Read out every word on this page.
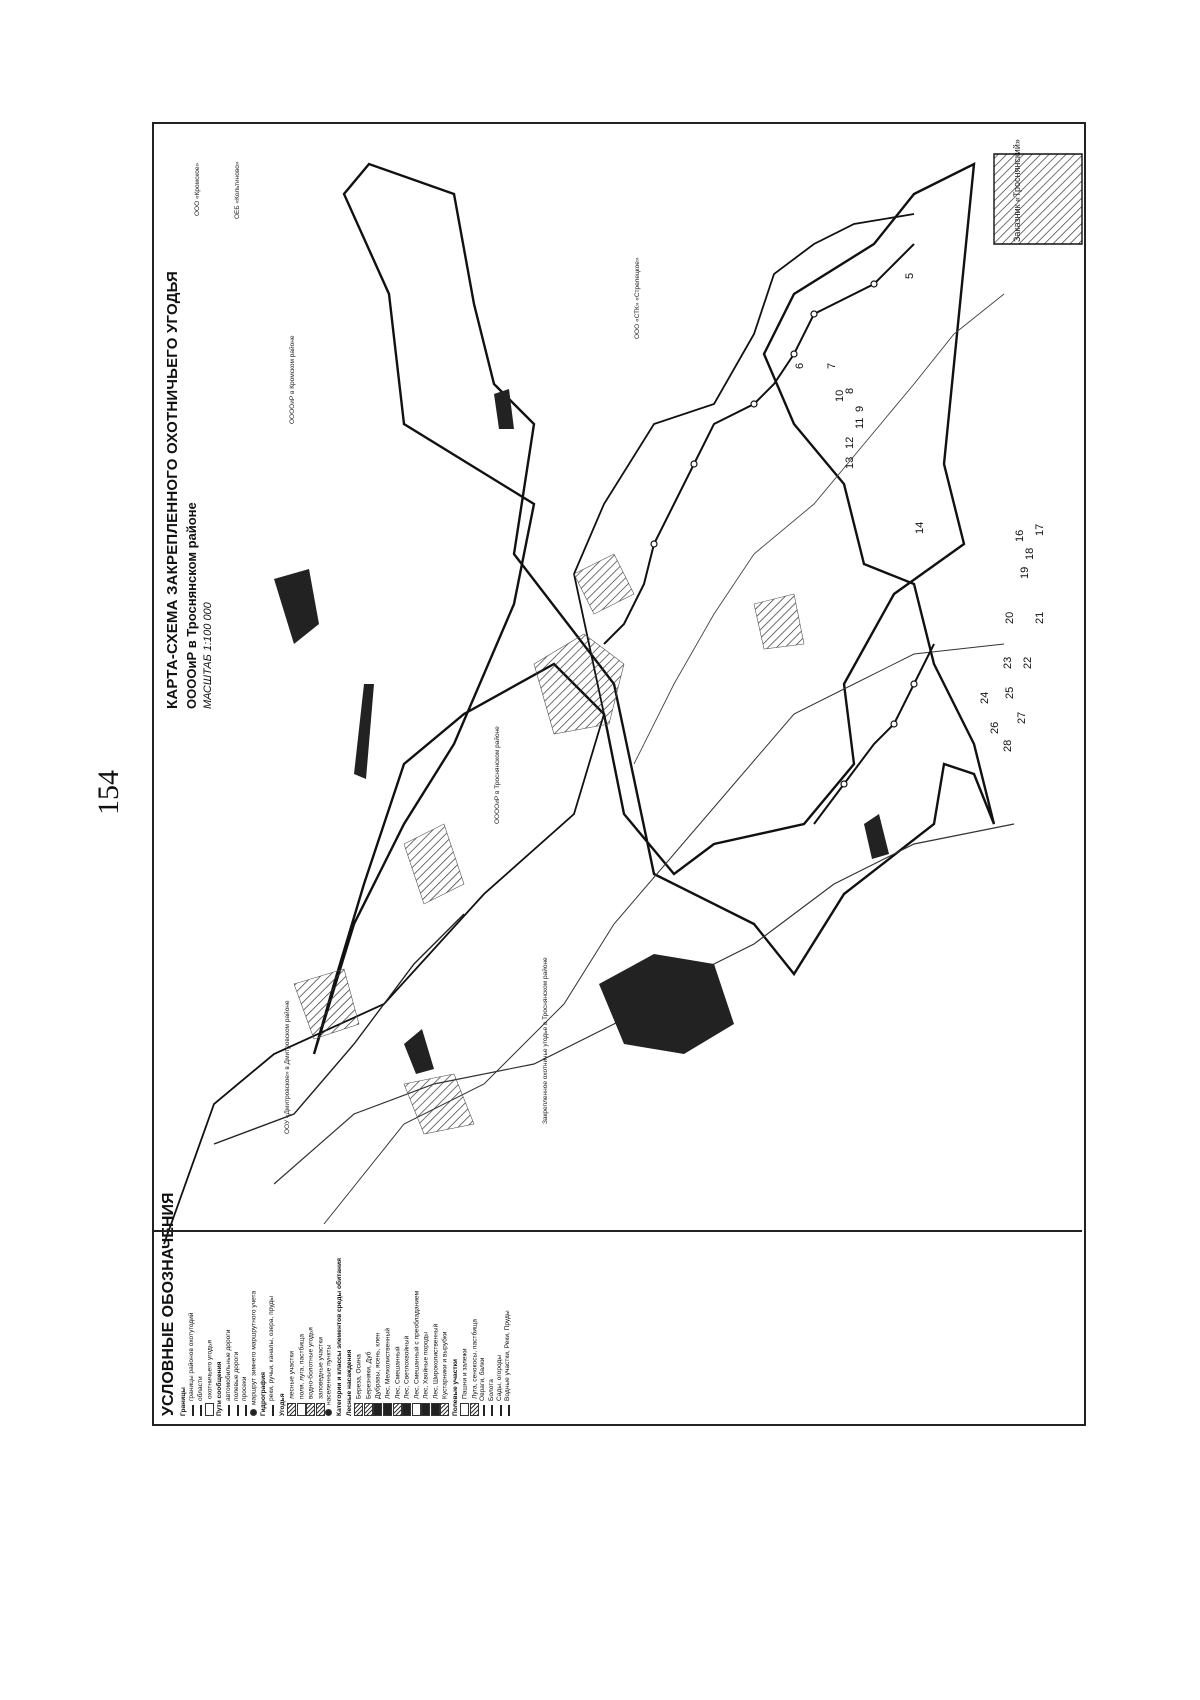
154
КАРТА-СХЕМА ЗАКРЕПЛЕННОГО ОХОТНИЧЬЕГО УГОДЬЯ ООООиР в Троснянском районе МАСШТАБ 1:100 000
ООУ «Дмитровское» в Дмитровском районе
ООООиР в Троснянском районе
ООООиР в Кромском районе
ООО «Кромское»
ООО «СТК» «Стрелецкое»
ОЕБ «Кольтиново»	Заказник «Троснянский»
Закрепленное охотничье угодье в Троснянском районе
5
6 7
8
9
10
11
12
13
14
16 17
18
19
20 21
22
23
24 25
26
27
28
УСЛОВНЫЕ ОБОЗНАЧЕНИЯ Границы
границы районов охотугодий области охотничьего угодья Пути сообщения автомобильные дороги полевые дороги просеки маршрут зимнего маршрутного учета Гидрография реки, ручьи, каналы, озера, пруды
Угодья
лесные участки поля, луга, пастбища водно-болотные угодья заповедные участки населенные пункты Категории и классы элементов среды обитания Лесные насаждения Береза, Осина Березняки, Дуб Дубравы, ясень, клен Лес, Мелколиственный Лес, Смешанный Лес, Светлохвойный Лес, Смешанный с преобладанием Лес, Хвойные породы Лес, Широколиственный Кустарники и вырубки Полевые участки Пашни и залежи Луга, сенокосы, пастбища Овраги, балки Болота Сады, огороды Водные участки, Реки, Пруды
